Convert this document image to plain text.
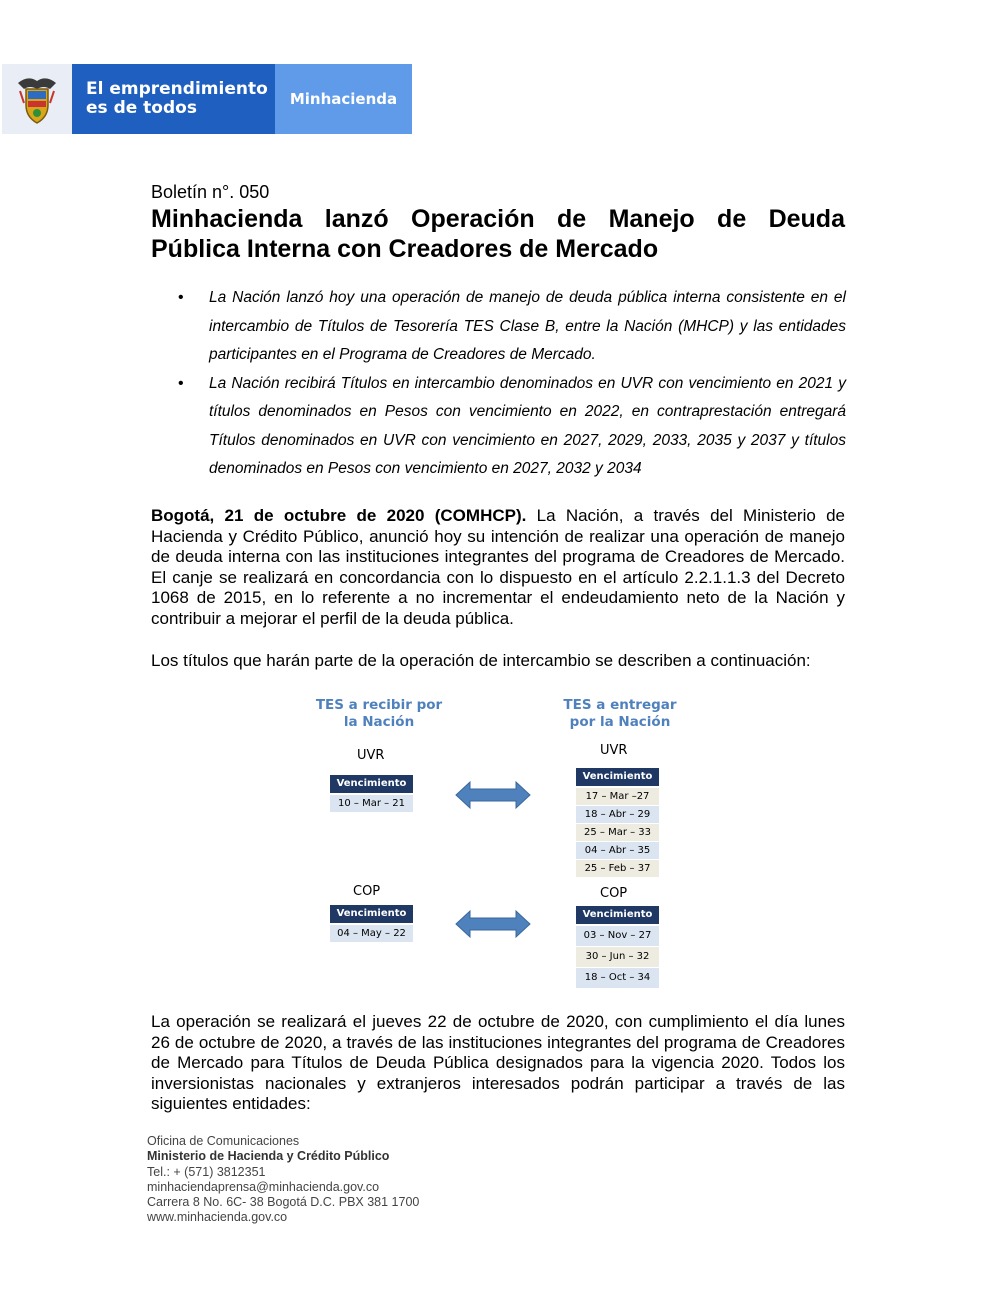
El emprendimiento
es de todos	Minhacienda
Boletín n°. 050
Minhacienda lanzó Operación de Manejo de Deuda
Pública Interna con Creadores de Mercado
• La Nación lanzó hoy una operación de manejo de deuda pública interna consistente en el intercambio de Títulos de Tesorería TES Clase B, entre la Nación (MHCP) y las entidades participantes en el Programa de Creadores de Mercado.
• La Nación recibirá Títulos en intercambio denominados en UVR con vencimiento en 2021 y títulos denominados en Pesos con vencimiento en 2022, en contraprestación entregará Títulos denominados en UVR con vencimiento en 2027, 2029, 2033, 2035 y 2037 y títulos denominados en Pesos con vencimiento en 2027, 2032 y 2034

Bogotá, 21 de octubre de 2020 (COMHCP). La Nación, a través del Ministerio de Hacienda y Crédito Público, anunció hoy su intención de realizar una operación de manejo de deuda interna con las instituciones integrantes del programa de Creadores de Mercado. El canje se realizará en concordancia con lo dispuesto en el artículo 2.2.1.1.3 del Decreto 1068 de 2015, en lo referente a no incrementar el endeudamiento neto de la Nación y contribuir a mejorar el perfil de la deuda pública.

Los títulos que harán parte de la operación de intercambio se describen a continuación:

TES a recibir por
la Nación
TES a entregar
por la Nación
UVR	UVR
Vencimiento
10 – Mar – 21
Vencimiento
17 – Mar –27
18 – Abr – 29
25 – Mar – 33
04 – Abr – 35
25 – Feb – 37
COP	COP
Vencimiento
04 – May – 22
Vencimiento
03 – Nov – 27
30 – Jun – 32
18 – Oct – 34

La operación se realizará el jueves 22 de octubre de 2020, con cumplimiento el día lunes 26 de octubre de 2020, a través de las instituciones integrantes del programa de Creadores de Mercado para Títulos de Deuda Pública designados para la vigencia 2020. Todos los inversionistas nacionales y extranjeros interesados podrán participar a través de las siguientes entidades:

Oficina de Comunicaciones
Ministerio de Hacienda y Crédito Público
Tel.: + (571) 3812351
minhaciendaprensa@minhacienda.gov.co
Carrera 8 No. 6C- 38 Bogotá D.C. PBX 381 1700
www.minhacienda.gov.co
